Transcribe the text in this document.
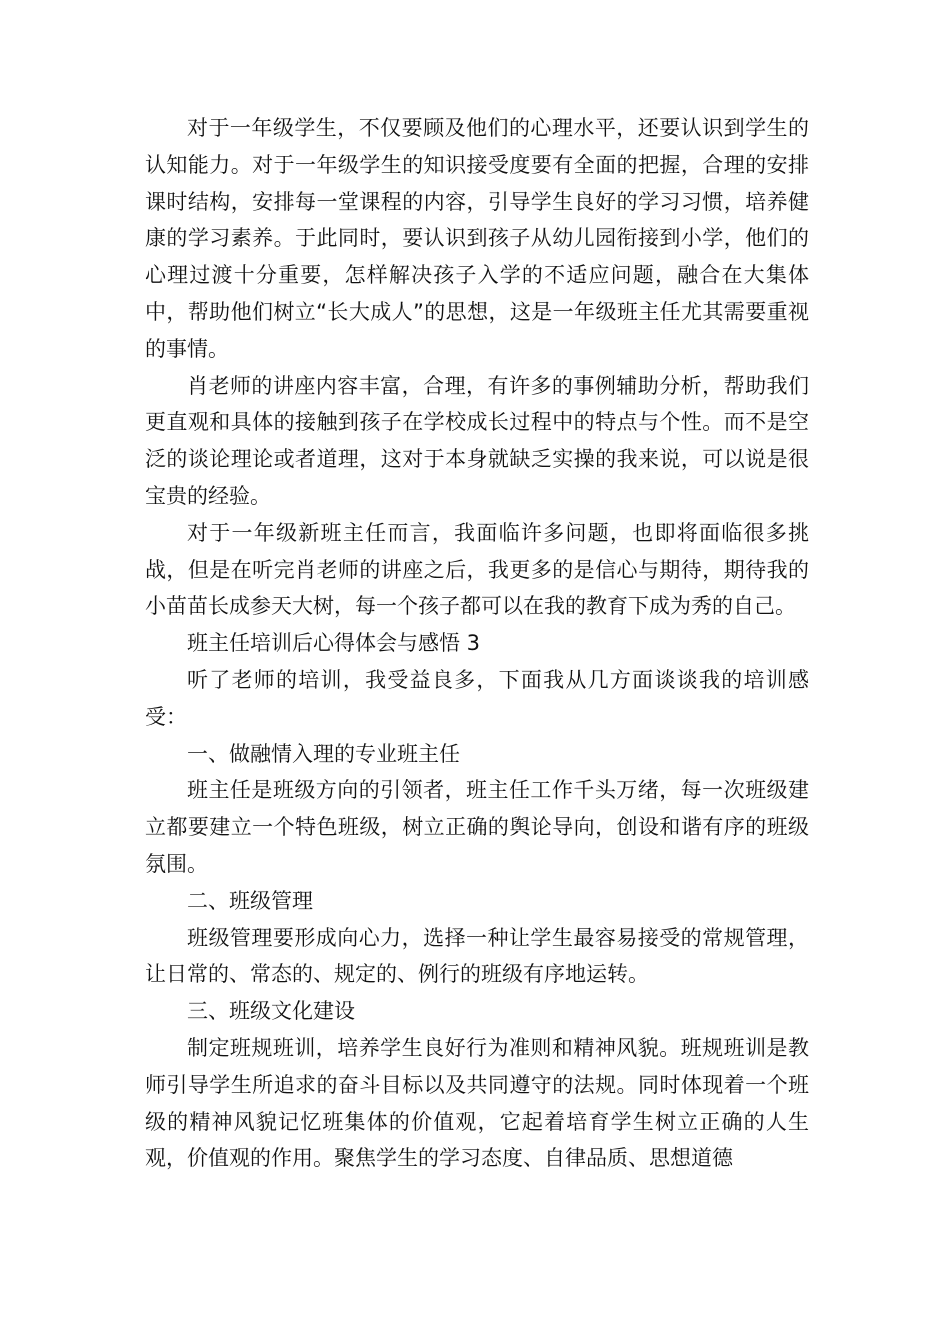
对于一年级学生，不仅要顾及他们的心理水平，还要认识到学生的认知能力。对于一年级学生的知识接受度要有全面的把握，合理的安排课时结构，安排每一堂课程的内容，引导学生良好的学习习惯，培养健康的学习素养。于此同时，要认识到孩子从幼儿园衔接到小学，他们的心理过渡十分重要，怎样解决孩子入学的不适应问题，融合在大集体中，帮助他们树立“长大成人”的思想，这是一年级班主任尤其需要重视的事情。

肖老师的讲座内容丰富，合理，有许多的事例辅助分析，帮助我们更直观和具体的接触到孩子在学校成长过程中的特点与个性。而不是空泛的谈论理论或者道理，这对于本身就缺乏实操的我来说，可以说是很宝贵的经验。

对于一年级新班主任而言，我面临许多问题，也即将面临很多挑战，但是在听完肖老师的讲座之后，我更多的是信心与期待，期待我的小苗苗长成参天大树，每一个孩子都可以在我的教育下成为秀的自己。

班主任培训后心得体会与感悟 3

听了老师的培训，我受益良多，下面我从几方面谈谈我的培训感受：

一、做融情入理的专业班主任

班主任是班级方向的引领者，班主任工作千头万绪，每一次班级建立都要建立一个特色班级，树立正确的舆论导向，创设和谐有序的班级氛围。

二、班级管理

班级管理要形成向心力，选择一种让学生最容易接受的常规管理，让日常的、常态的、规定的、例行的班级有序地运转。

三、班级文化建设

制定班规班训，培养学生良好行为准则和精神风貌。班规班训是教师引导学生所追求的奋斗目标以及共同遵守的法规。同时体现着一个班级的精神风貌记忆班集体的价值观，它起着培育学生树立正确的人生观，价值观的作用。聚焦学生的学习态度、自律品质、思想道德
